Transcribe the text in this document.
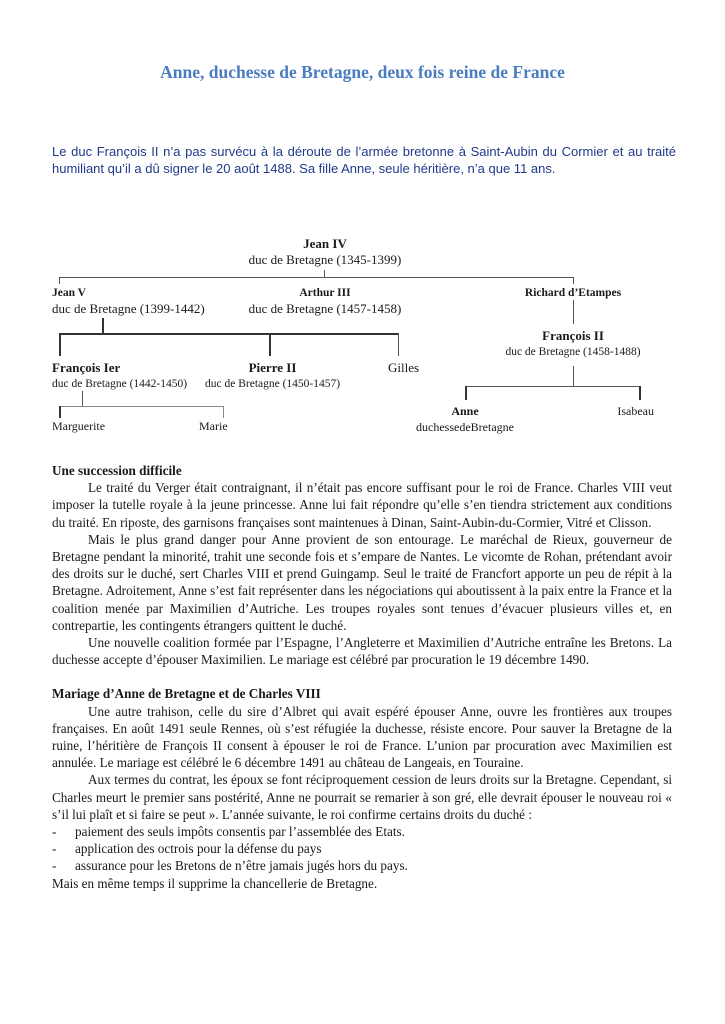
Anne, duchesse de Bretagne, deux fois reine de France
Le duc François II n’a pas survécu à la déroute de l’armée bretonne à Saint-Aubin du Cormier et au traité humiliant qu’il a dû signer le 20 août 1488. Sa fille Anne, seule héritière, n’a que 11 ans.
Jean IV
duc de Bretagne (1345-1399)
Jean V
duc de Bretagne (1399-1442)
Arthur III
duc de Bretagne (1457-1458)
Richard d’Etampes
François Ier
duc de Bretagne (1442-1450)
Pierre II
duc de Bretagne (1450-1457)
Gilles
Marguerite	Marie
François II
duc de Bretagne (1458-1488)
Anne
duchessedeBretagne
Isabeau
Une succession difficile

Le traité du Verger était contraignant, il n’était pas encore suffisant pour le roi de France. Charles VIII veut imposer la tutelle royale à la jeune princesse. Anne lui fait répondre qu’elle s’en tiendra strictement aux conditions du traité. En riposte, des garnisons françaises sont maintenues à Dinan, Saint-Aubin-du-Cormier, Vitré et Clisson.

Mais le plus grand danger pour Anne provient de son entourage. Le maréchal de Rieux, gouverneur de Bretagne pendant la minorité, trahit une seconde fois et s’empare de Nantes. Le vicomte de Rohan, prétendant avoir des droits sur le duché, sert Charles VIII et prend Guingamp. Seul le traité de Francfort apporte un peu de répit à la Bretagne. Adroitement, Anne s’est fait représenter dans les négociations qui aboutissent à la paix entre la France et la coalition menée par Maximilien d’Autriche. Les troupes royales sont tenues d’évacuer plusieurs villes et, en contrepartie, les contingents étrangers quittent le duché.

Une nouvelle coalition formée par l’Espagne, l’Angleterre et Maximilien d’Autriche entraîne les Bretons. La duchesse accepte d’épouser Maximilien. Le mariage est célébré par procuration le 19 décembre 1490.

Mariage d’Anne de Bretagne et de Charles VIII

Une autre trahison, celle du sire d’Albret qui avait espéré épouser Anne, ouvre les frontières aux troupes françaises. En août 1491 seule Rennes, où s’est réfugiée la duchesse, résiste encore. Pour sauver la Bretagne de la ruine, l’héritière de François II consent à épouser le roi de France. L’union par procuration avec Maximilien est annulée. Le mariage est célébré le 6 décembre 1491 au château de Langeais, en Touraine.

Aux termes du contrat, les époux se font réciproquement cession de leurs droits sur la Bretagne. Cependant, si Charles meurt le premier sans postérité, Anne ne pourrait se remarier à son gré, elle devrait épouser le nouveau roi « s’il lui plaît et si faire se peut ». L’année suivante, le roi confirme certains droits du duché :

- paiement des seuls impôts consentis par l’assemblée des Etats.
- application des octrois pour la défense du pays
- assurance pour les Bretons de n’être jamais jugés hors du pays.

Mais en même temps il supprime la chancellerie de Bretagne.
